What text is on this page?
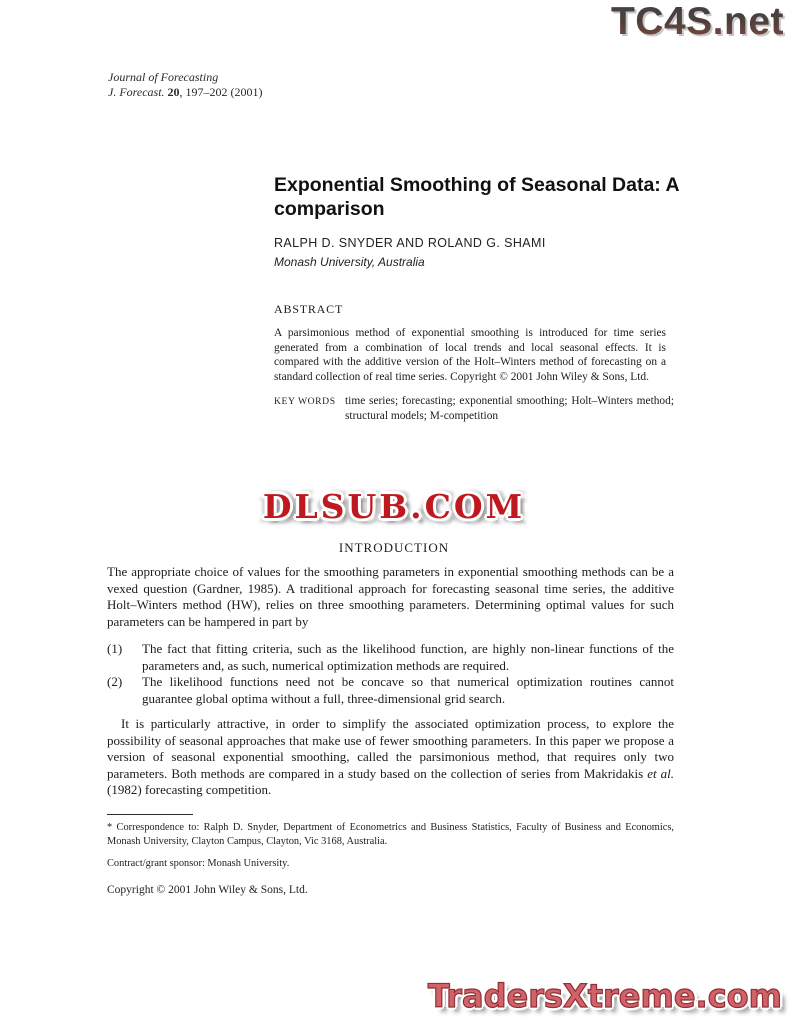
Journal of Forecasting
J. Forecast. 20, 197–202 (2001)
TC4S.net
Exponential Smoothing of Seasonal Data: A comparison
RALPH D. SNYDER AND ROLAND G. SHAMI
Monash University, Australia
ABSTRACT
A parsimonious method of exponential smoothing is introduced for time series generated from a combination of local trends and local seasonal effects. It is compared with the additive version of the Holt–Winters method of forecasting on a standard collection of real time series. Copyright © 2001 John Wiley & Sons, Ltd.
KEY WORDS time series; forecasting; exponential smoothing; Holt–Winters method; structural models; M-competition
DLSUB.COM
INTRODUCTION

The appropriate choice of values for the smoothing parameters in exponential smoothing methods can be a vexed question (Gardner, 1985). A traditional approach for forecasting seasonal time series, the additive Holt–Winters method (HW), relies on three smoothing parameters. Determining optimal values for such parameters can be hampered in part by

(1)	The fact that fitting criteria, such as the likelihood function, are highly non-linear functions of the parameters and, as such, numerical optimization methods are required.
(2)	The likelihood functions need not be concave so that numerical optimization routines cannot guarantee global optima without a full, three-dimensional grid search.

It is particularly attractive, in order to simplify the associated optimization process, to explore the possibility of seasonal approaches that make use of fewer smoothing parameters. In this paper we propose a version of seasonal exponential smoothing, called the parsimonious method, that requires only two parameters. Both methods are compared in a study based on the collection of series from Makridakis et al. (1982) forecasting competition.

* Correspondence to: Ralph D. Snyder, Department of Econometrics and Business Statistics, Faculty of Business and Economics, Monash University, Clayton Campus, Clayton, Vic 3168, Australia.
Contract/grant sponsor: Monash University.
Copyright © 2001 John Wiley & Sons, Ltd.
TradersXtreme.com
